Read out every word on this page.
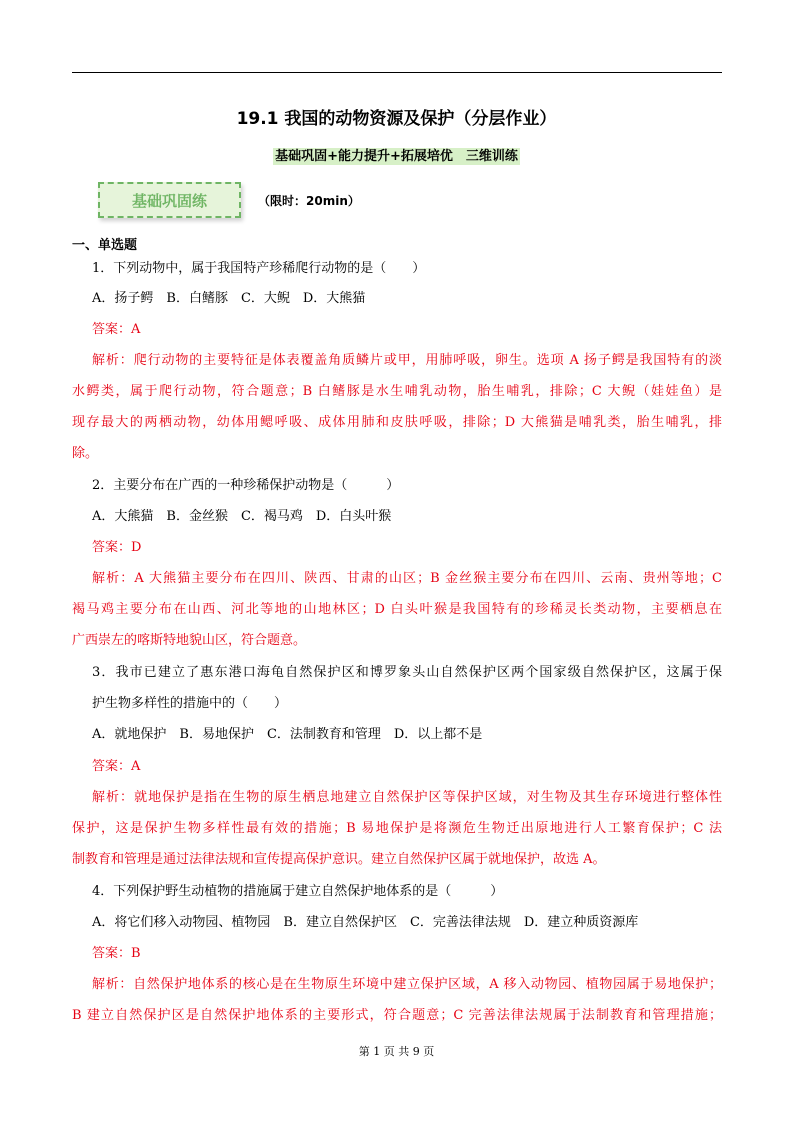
19.1 我国的动物资源及保护（分层作业）
基础巩固+能力提升+拓展培优　三维训练
基础巩固练	（限时：20min）
一、单选题
1．下列动物中，属于我国特产珍稀爬行动物的是（　　）
A．扬子鳄　B．白鳍豚　C．大鲵　D．大熊猫
答案：A
解析：爬行动物的主要特征是体表覆盖角质鳞片或甲，用肺呼吸，卵生。选项 A 扬子鳄是我国特有的淡
水鳄类，属于爬行动物，符合题意；B 白鳍豚是水生哺乳动物，胎生哺乳，排除；C 大鲵（娃娃鱼）是
现存最大的两栖动物，幼体用鳃呼吸、成体用肺和皮肤呼吸，排除；D 大熊猫是哺乳类，胎生哺乳，排
除。
2．主要分布在广西的一种珍稀保护动物是（　　　）
A．大熊猫　B．金丝猴　C．褐马鸡　D．白头叶猴
答案：D
解析：A 大熊猫主要分布在四川、陕西、甘肃的山区；B 金丝猴主要分布在四川、云南、贵州等地；C
褐马鸡主要分布在山西、河北等地的山地林区；D 白头叶猴是我国特有的珍稀灵长类动物，主要栖息在
广西崇左的喀斯特地貌山区，符合题意。
3．我市已建立了惠东港口海龟自然保护区和博罗象头山自然保护区两个国家级自然保护区，这属于保
护生物多样性的措施中的（　　）
A．就地保护　B．易地保护　C．法制教育和管理　D．以上都不是
答案：A
解析：就地保护是指在生物的原生栖息地建立自然保护区等保护区域，对生物及其生存环境进行整体性
保护，这是保护生物多样性最有效的措施；B 易地保护是将濒危生物迁出原地进行人工繁育保护；C 法
制教育和管理是通过法律法规和宣传提高保护意识。建立自然保护区属于就地保护，故选 A。
4．下列保护野生动植物的措施属于建立自然保护地体系的是（　　　）
A．将它们移入动物园、植物园　B．建立自然保护区　C．完善法律法规　D．建立种质资源库
答案：B
解析：自然保护地体系的核心是在生物原生环境中建立保护区域，A 移入动物园、植物园属于易地保护；
B 建立自然保护区是自然保护地体系的主要形式，符合题意；C 完善法律法规属于法制教育和管理措施；
第 1 页 共 9 页
